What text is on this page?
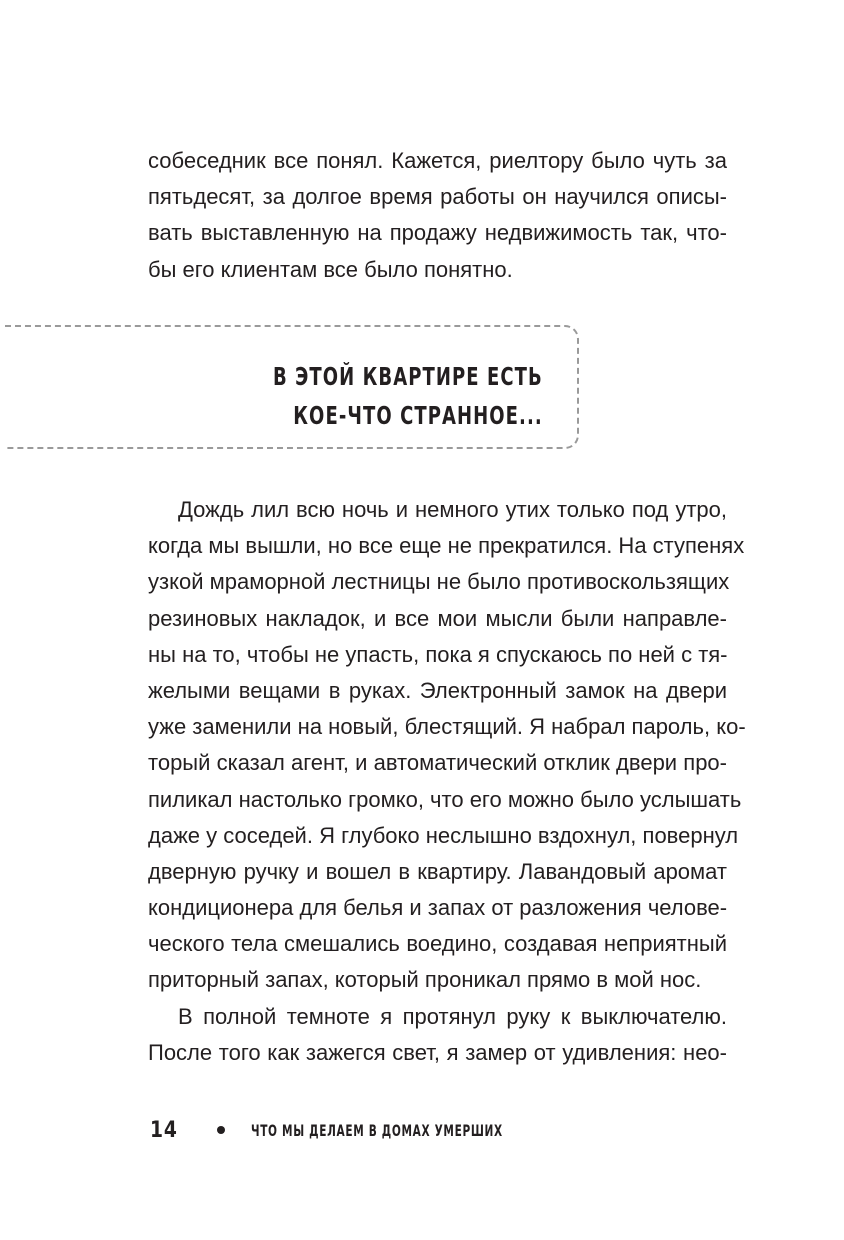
собеседник все понял. Кажется, риелтору было чуть за
пятьдесят, за долгое время работы он научился описы-
вать выставленную на продажу недвижимость так, что-
бы его клиентам все было понятно.
В ЭТОЙ КВАРТИРЕ ЕСТЬ
КОЕ-ЧТО СТРАННОЕ...
Дождь лил всю ночь и немного утих только под утро,
когда мы вышли, но все еще не прекратился. На ступенях
узкой мраморной лестницы не было противоскользящих
резиновых накладок, и все мои мысли были направле-
ны на то, чтобы не упасть, пока я спускаюсь по ней с тя-
желыми вещами в руках. Электронный замок на двери
уже заменили на новый, блестящий. Я набрал пароль, ко-
торый сказал агент, и автоматический отклик двери про-
пиликал настолько громко, что его можно было услышать
даже у соседей. Я глубоко неслышно вздохнул, повернул
дверную ручку и вошел в квартиру. Лавандовый аромат
кондиционера для белья и запах от разложения челове-
ческого тела смешались воедино, создавая неприятный
приторный запах, который проникал прямо в мой нос.
В полной темноте я протянул руку к выключателю.
После того как зажегся свет, я замер от удивления: нео-
14	ЧТО МЫ ДЕЛАЕМ В ДОМАХ УМЕРШИХ
